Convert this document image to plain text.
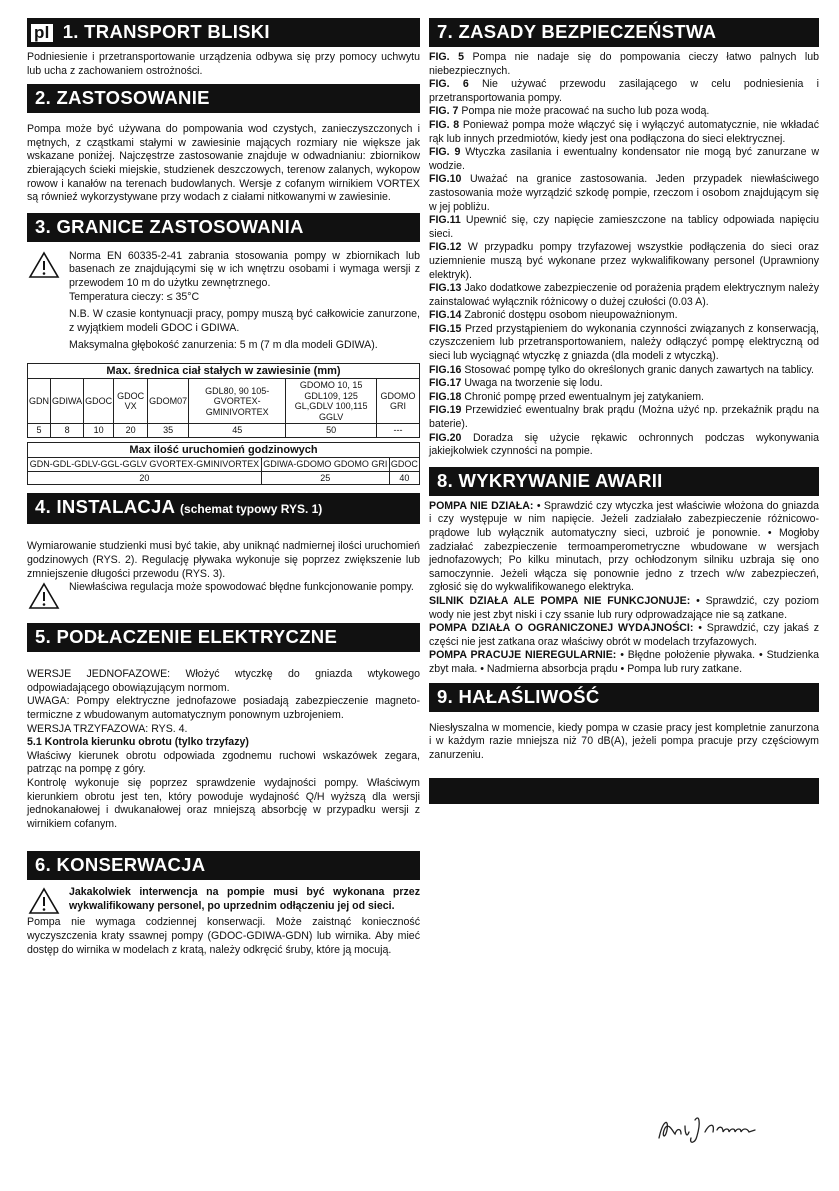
pl 1. TRANSPORT BLISKI

Podniesienie i przetransportowanie urządzenia odbywa się przy pomocy uchwytu lub ucha z zachowaniem ostrożności.

2. ZASTOSOWANIE

Pompa może być używana do pompowania wod czystych, zanieczyszczonych i mętnych, z cząstkami stałymi w zawiesinie mających rozmiary nie większe jak wskazane poniżej. Najczęstrze zastosowanie znajduje w odwadnianiu: zbiornikow zbierających ścieki miejskie, studzienek deszczowych, terenow zalanych, wykopow rowow i kanałów na terenach budowlanych. Wersje z cofanym wirnikiem VORTEX są równieź wykorzystywane przy wodach z ciałami nitkowanymi w zawiesinie.

3. GRANICE ZASTOSOWANIA

Norma EN 60335-2-41 zabrania stosowania pompy w zbiornikach lub basenach ze znajdującymi się w ich wnętrzu osobami i wymaga wersji z przewodem 10 m do użytku zewnętrznego.

Temperatura cieczy: ≤ 35°C

N.B. W czasie kontynuacji pracy, pompy muszą być całkowicie zanurzone, z wyjątkiem modeli GDOC i GDIWA.

Maksymalna głębokość zanurzenia: 5 m (7 m dla modeli GDIWA).

Max. średnica ciał stałych w zawiesinie (mm)							
GDN	GDIWA	GDOC	GDOC VX	GDOM07	GDL80, 90 105- GVORTEX- GMINIVORTEX	GDOMO 10, 15 GDL109, 125 GL,GDLV 100,115 GGLV	GDOMO GRI
5	8	10	20	35	45	50	---
Max ilość uruchomień godzinowych		
GDN-GDL-GDLV-GGL-GGLV GVORTEX-GMINIVORTEX	GDIWA-GDOMO GDOMO GRI	GDOC
20	25	40
4. INSTALACJA (schemat typowy RYS. 1)

Wymiarowanie studzienki musi być takie, aby uniknąć nadmiernej ilości uruchomień godzinowych (RYS. 2). Regulację pływaka wykonuje się poprzez zwiększenie lub zmniejszenie długości przewodu (RYS. 3).

Niewłaściwa regulacja może spowodować błędne funkcjonowanie pompy.

5. PODŁACZENIE ELEKTRYCZNE

WERSJE JEDNOFAZOWE: Włożyć wtyczkę do gniazda wtykowego odpowiadającego obowiązującym normom.

UWAGA: Pompy elektryczne jednofazowe posiadają zabezpieczenie magneto-termiczne z wbudowanym automatycznym ponownym uzbrojeniem.

WERSJA TRZYFAZOWA: RYS. 4.

5.1 Kontrola kierunku obrotu (tylko trzyfazy)

Właściwy kierunek obrotu odpowiada zgodnemu ruchowi wskazówek zegara, patrząc na pompę z góry.

Kontrolę wykonuje się poprzez sprawdzenie wydajności pompy. Właściwym kierunkiem obrotu jest ten, który powoduje wydajność Q/H wyższą dla wersji jednokanałowej i dwukanałowej oraz mniejszą absorbcję w przypadku wersji z wirnikiem cofanym.

6. KONSERWACJA

Jakakolwiek interwencja na pompie musi być wykonana przez wykwalifikowany personel, po uprzednim odłączeniu jej od sieci.

Pompa nie wymaga codziennej konserwacji. Może zaistnąć konieczność wyczyszczenia kraty ssawnej pompy (GDOC-GDIWA-GDN) lub wirnika. Aby mieć dostęp do wirnika w modelach z kratą, należy odkręcić śruby, które ją mocują.

7. ZASADY BEZPIECZEŃSTWA

FIG. 5 Pompa nie nadaje się do pompowania cieczy łatwo palnych lub niebezpiecznych.

FIG. 6 Nie używać przewodu zasilającego w celu podniesienia i przetransportowania pompy.

FIG. 7 Pompa nie może pracować na sucho lub poza wodą.

FIG. 8 Ponieważ pompa może włączyć się i wyłączyć automatycznie, nie wkładać rąk lub innych przedmiotów, kiedy jest ona podłączona do sieci elektrycznej.

FIG. 9 Wtyczka zasilania i ewentualny kondensator nie mogą być zanurzane w wodzie.

FIG.10 Uważać na granice zastosowania. Jeden przypadek niewłaściwego zastosowania może wyrządzić szkodę pompie, rzeczom i osobom znajdującym się w jej pobliżu.

FIG.11 Upewnić się, czy napięcie zamieszczone na tablicy odpowiada napięciu sieci.

FIG.12 W przypadku pompy trzyfazowej wszystkie podłączenia do sieci oraz uziemnienie muszą być wykonane przez wykwalifikowany personel (Uprawniony elektryk).

FIG.13 Jako dodatkowe zabezpieczenie od porażenia prądem elektrycznym należy zainstalować wyłącznik różnicowy o dużej czułości (0.03 A).

FIG.14 Zabronić dostępu osobom nieupoważnionym.

FIG.15 Przed przystąpieniem do wykonania czynności związanych z konserwacją, czyszczeniem lub przetransportowaniem, należy odłączyć pompę elektryczną od sieci lub wyciągnąć wtyczkę z gniazda (dla modeli z wtyczką).

FIG.16 Stosować pompę tylko do określonych granic danych zawartych na tablicy.

FIG.17 Uwaga na tworzenie się lodu.

FIG.18 Chronić pompę przed ewentualnym jej zatykaniem.

FIG.19 Przewidzieć ewentualny brak prądu (Można użyć np. przekaźnik prądu na baterie).

FIG.20 Doradza się użycie rękawic ochronnych podczas wykonywania jakiejkolwiek czynności na pompie.

8. WYKRYWANIE AWARII

POMPA NIE DZIAŁA: • Sprawdzić czy wtyczka jest właściwie włożona do gniazda i czy występuje w nim napięcie. Jeżeli zadziałało zabezpieczenie różnicowo-prądowe lub wyłącznik automatyczny sieci, uzbroić je ponownie. • Mogłoby zadziałać zabezpieczenie termoamperometryczne wbudowane w wersjach jednofazowych; Po kilku minutach, przy ochłodzonym silniku uzbraja się ono samoczynnie. Jeżeli włącza się ponownie jedno z trzech w/w zabezpieczeń, zgłosić się do wykwalifikowanego elektryka.

SILNIK DZIAŁA ALE POMPA NIE FUNKCJONUJE: • Sprawdzić, czy poziom wody nie jest zbyt niski i czy ssanie lub rury odprowadzające nie są zatkane.

POMPA DZIAŁA O OGRANICZONEJ WYDAJNOŚCI: • Sprawdzić, czy jakaś z części nie jest zatkana oraz właściwy obrót w modelach trzyfazowych.

POMPA PRACUJE NIEREGULARNIE: • Błędne położenie pływaka. • Studzienka zbyt mała. • Nadmierna absorbcja prądu • Pompa lub rury zatkane.

9. HAŁAŚLIWOŚĆ

Niesłyszalna w momencie, kiedy pompa w czasie pracy jest kompletnie zanurzona i w każdym razie mniejsza niż 70 dB(A), jeżeli pompa pracuje przy częściowym zanurzeniu.
